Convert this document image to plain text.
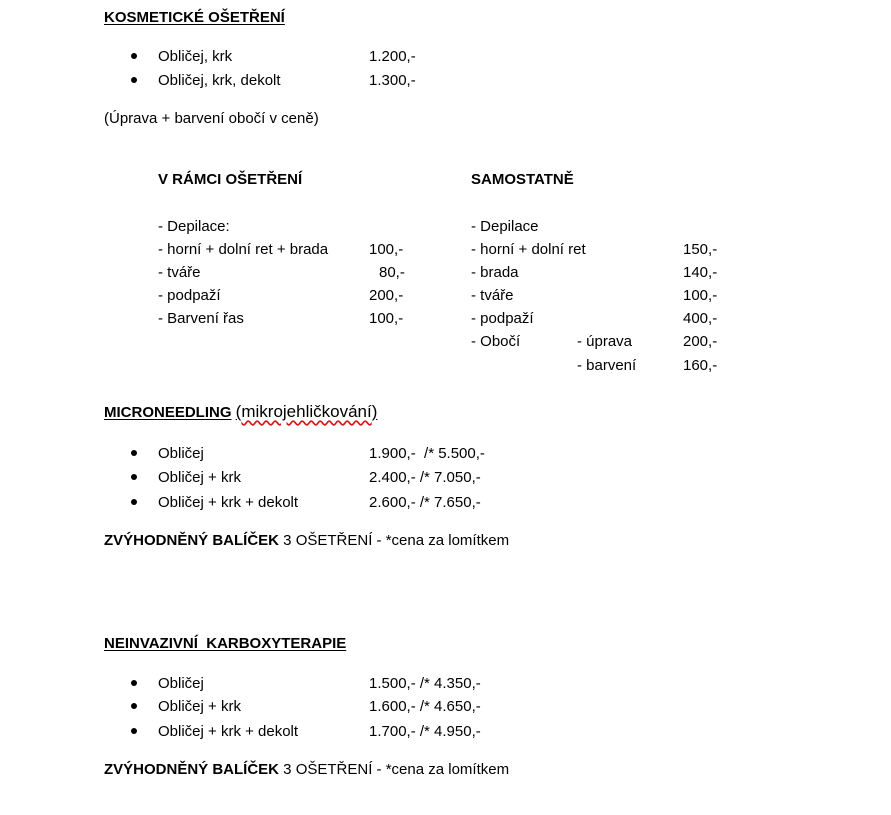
KOSMETICKÉ OŠETŘENÍ
Obličej, krk	1.200,-
Obličej, krk, dekolt	1.300,-
(Úprava + barvení obočí v ceně)
V RÁMCI OŠETŘENÍ
- Depilace:
- horní + dolní ret + brada	100,-
- tváře	80,-
- podpaží	200,-
- Barvení řas	100,-
SAMOSTATNĚ
- Depilace
- horní + dolní ret	150,-
- brada	140,-
- tváře	100,-
- podpaží	400,-
- Obočí	- úprava	200,-
- barvení	160,-
MICRONEEDLING (mikrojehličkování)
Obličej	1.900,-  /* 5.500,-
Obličej + krk	2.400,- /* 7.050,-
Obličej + krk + dekolt	2.600,- /* 7.650,-
ZVÝHODNĚNÝ BALÍČEK 3 OŠETŘENÍ - *cena za lomítkem
NEINVAZIVNÍ  KARBOXYTERAPIE
Obličej	1.500,- /* 4.350,-
Obličej + krk	1.600,- /* 4.650,-
Obličej + krk + dekolt	1.700,- /* 4.950,-
ZVÝHODNĚNÝ BALÍČEK 3 OŠETŘENÍ - *cena za lomítkem
